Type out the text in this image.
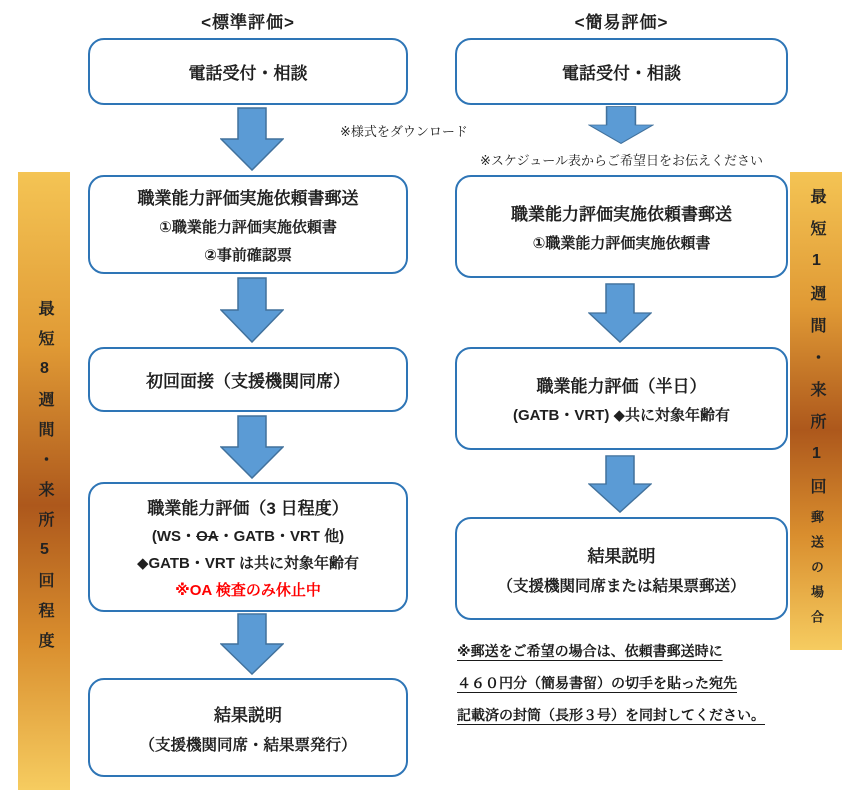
<標準評価>	<簡易評価>
電話受付・相談
職業能力評価実施依頼書郵送
①職業能力評価実施依頼書
②事前確認票
初回面接（支援機関同席）
職業能力評価（3 日程度）
(WS・OA・GATB・VRT 他)
◆GATB・VRT は共に対象年齢有
※OA 検査のみ休止中
結果説明
（支援機関同席・結果票発行）
電話受付・相談
※スケジュール表からご希望日をお伝えください
職業能力評価実施依頼書郵送
①職業能力評価実施依頼書
職業能力評価（半日）
(GATB・VRT) ◆共に対象年齢有
結果説明
（支援機関同席または結果票郵送）
※様式をダウンロード
※郵送をご希望の場合は、依頼書郵送時に
４６０円分（簡易書留）の切手を貼った宛先
記載済の封筒（長形３号）を同封してください。
最短8週間・来所5回程度	最短1週間・来所1回
郵送の場合
